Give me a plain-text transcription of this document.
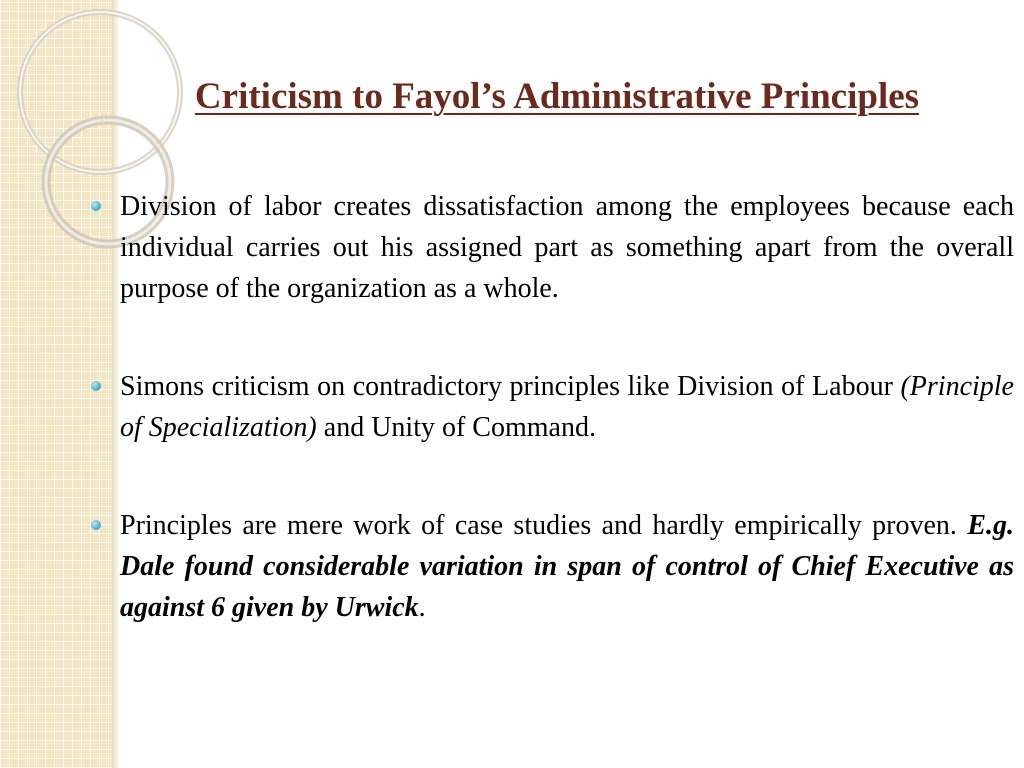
Criticism to Fayol’s Administrative Principles
Division of labor creates dissatisfaction among the employees because each individual carries out his assigned part as something apart from the overall purpose of the organization as a whole.
Simons criticism on contradictory principles like Division of Labour (Principle of Specialization) and Unity of Command.
Principles are mere work of case studies and hardly empirically proven. E.g. Dale found considerable variation in span of control of Chief Executive as against 6 given by Urwick.
